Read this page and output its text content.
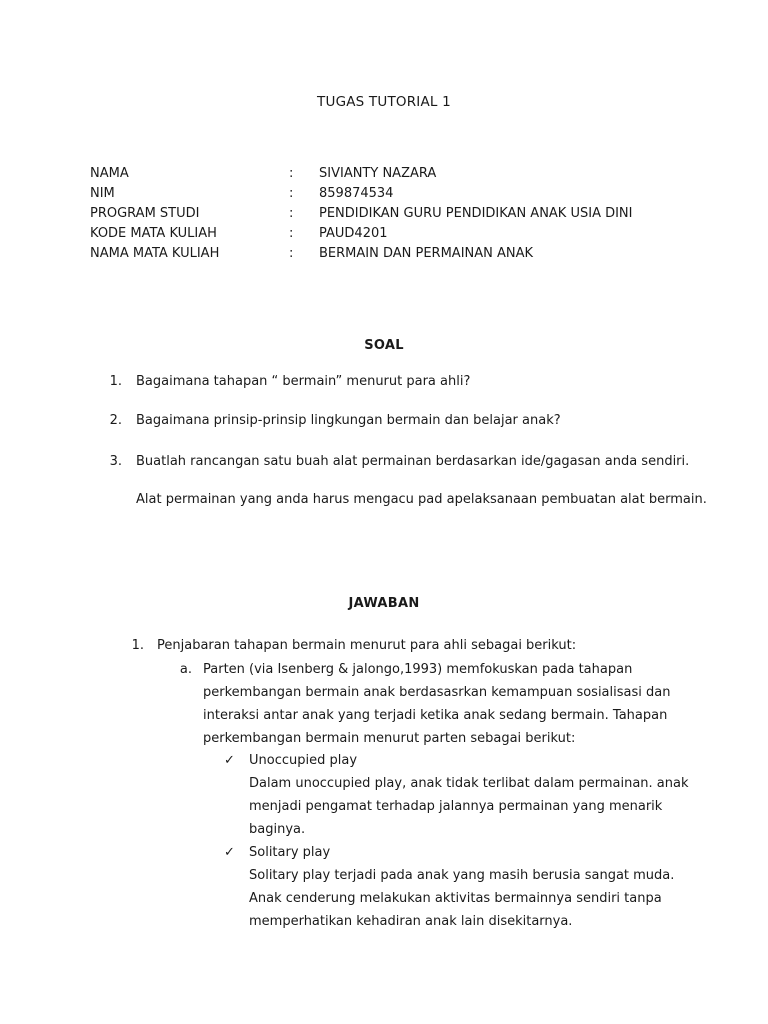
TUGAS TUTORIAL 1
NAMA	: SIVIANTY NAZARA
NIM	: 859874534
PROGRAM STUDI	: PENDIDIKAN GURU PENDIDIKAN ANAK USIA DINI
KODE MATA KULIAH	: PAUD4201
NAMA MATA KULIAH	: BERMAIN DAN PERMAINAN ANAK
SOAL
1. Bagaimana tahapan “ bermain” menurut para ahli?
2. Bagaimana prinsip-prinsip lingkungan bermain dan belajar anak?
3. Buatlah rancangan satu buah alat permainan berdasarkan ide/gagasan anda sendiri.
Alat permainan yang anda harus mengacu pad apelaksanaan pembuatan alat bermain.
JAWABAN
1. Penjabaran tahapan bermain menurut para ahli sebagai berikut:
a. Parten (via Isenberg & jalongo,1993) memfokuskan pada tahapan
perkembangan bermain anak berdasasrkan kemampuan sosialisasi dan
interaksi antar anak yang terjadi ketika anak sedang bermain. Tahapan
perkembangan bermain menurut parten sebagai berikut:
✓ Unoccupied play
Dalam unoccupied play, anak tidak terlibat dalam permainan. anak
menjadi pengamat terhadap jalannya permainan yang menarik
baginya.
✓ Solitary play
Solitary play terjadi pada anak yang masih berusia sangat muda.
Anak cenderung melakukan aktivitas bermainnya sendiri tanpa
memperhatikan kehadiran anak lain disekitarnya.
